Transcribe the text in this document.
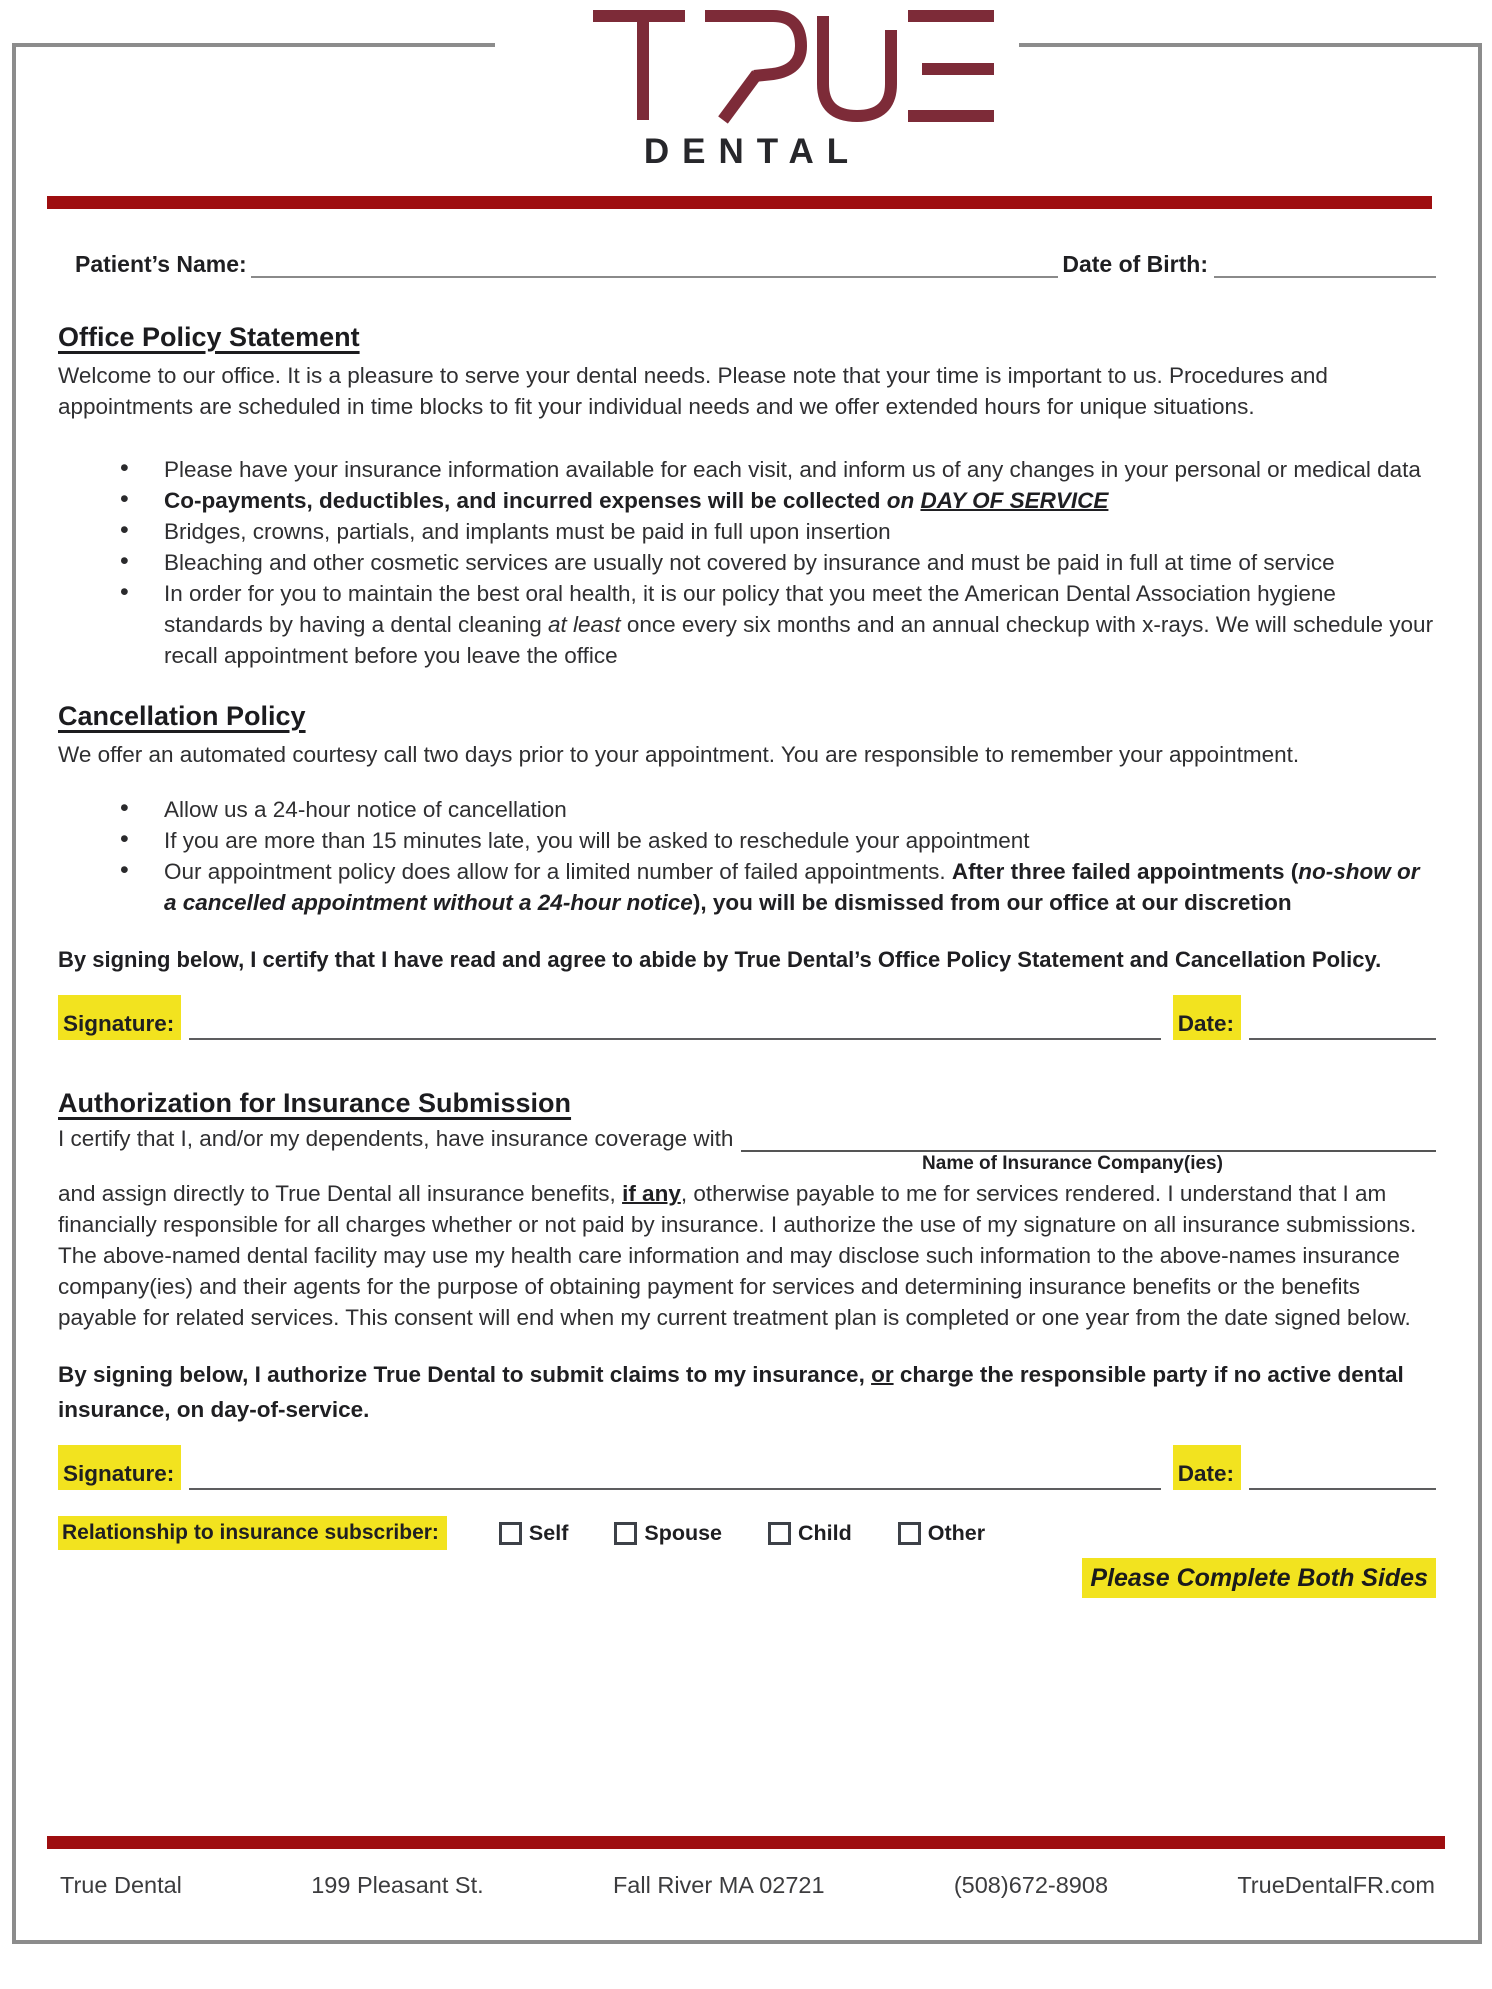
DENTAL
Patient’s Name:	Date of Birth:
Office Policy Statement

Welcome to our office. It is a pleasure to serve your dental needs. Please note that your time is important to us. Procedures and appointments are scheduled in time blocks to fit your individual needs and we offer extended hours for unique situations.

• Please have your insurance information available for each visit, and inform us of any changes in your personal or medical data
• Co-payments, deductibles, and incurred expenses will be collected on DAY OF SERVICE
• Bridges, crowns, partials, and implants must be paid in full upon insertion
• Bleaching and other cosmetic services are usually not covered by insurance and must be paid in full at time of service
• In order for you to maintain the best oral health, it is our policy that you meet the American Dental Association hygiene standards by having a dental cleaning at least once every six months and an annual checkup with x-rays. We will schedule your recall appointment before you leave the office
Cancellation Policy

We offer an automated courtesy call two days prior to your appointment. You are responsible to remember your appointment.

• Allow us a 24-hour notice of cancellation
• If you are more than 15 minutes late, you will be asked to reschedule your appointment
• Our appointment policy does allow for a limited number of failed appointments. After three failed appointments (no-show or a cancelled appointment without a 24-hour notice), you will be dismissed from our office at our discretion

By signing below, I certify that I have read and agree to abide by True Dental’s Office Policy Statement and Cancellation Policy.

Signature:	Date:
Authorization for Insurance Submission
I certify that I, and/or my dependents, have insurance coverage with
Name of Insurance Company(ies)

and assign directly to True Dental all insurance benefits, if any, otherwise payable to me for services rendered. I understand that I am financially responsible for all charges whether or not paid by insurance. I authorize the use of my signature on all insurance submissions.

The above-named dental facility may use my health care information and may disclose such information to the above-names insurance company(ies) and their agents for the purpose of obtaining payment for services and determining insurance benefits or the benefits payable for related services. This consent will end when my current treatment plan is completed or one year from the date signed below.

By signing below, I authorize True Dental to submit claims to my insurance, or charge the responsible party if no active dental insurance, on day-of-service.

Signature:	Date:
Relationship to insurance subscriber:	Self	Spouse	Child	Other
Please Complete Both Sides
True Dental	199 Pleasant St.	Fall River MA 02721	(508)672-8908	TrueDentalFR.com
